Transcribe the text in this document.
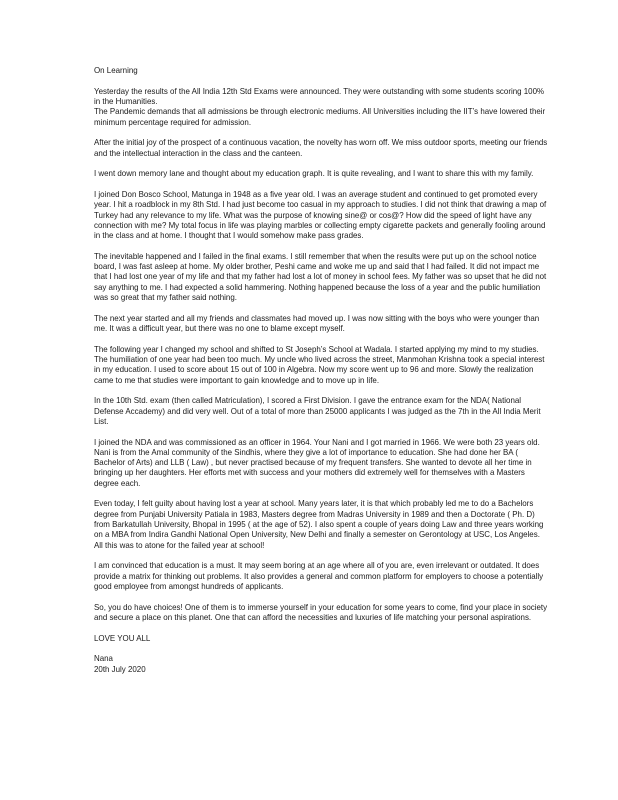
On Learning

Yesterday the results of the All India 12th Std Exams were announced. They were outstanding with some students scoring 100% in the Humanities.
The Pandemic demands that all admissions be through electronic mediums. All Universities including the IIT’s have lowered their minimum percentage required for admission.

After the initial joy of the prospect of a continuous vacation, the novelty has worn off. We miss outdoor sports, meeting our friends and the intellectual interaction in the class and the canteen.

I went down memory lane and thought about my education graph. It is quite revealing, and I want to share this with my family.

I joined Don Bosco School, Matunga in 1948 as a five year old. I was an average student and continued to get promoted every year. I hit a roadblock in my 8th Std. I had just become too casual in my approach to studies. I did not think that drawing a map of Turkey had any relevance to my life. What was the purpose of knowing sine@ or cos@? How did the speed of light have any connection with me? My total focus in life was playing marbles or collecting empty cigarette packets and generally fooling around in the class and at home. I thought that I would somehow make pass grades.

The inevitable happened and I failed in the final exams. I still remember that when the results were put up on the school notice board, I was fast asleep at home. My older brother, Peshi came and woke me up and said that I had failed. It did not impact me that I had lost one year of my life and that my father had lost a lot of money in school fees. My father was so upset that he did not say anything to me. I had expected a solid hammering. Nothing happened because the loss of a year and the public humiliation was so great that my father said nothing.

The next year started and all my friends and classmates had moved up. I was now sitting with the boys who were younger than me. It was a difficult year, but there was no one to blame except myself.

The following year I changed my school and shifted to St Joseph’s School at Wadala. I started applying my mind to my studies. The humiliation of one year had been too much. My uncle who lived across the street, Manmohan Krishna took a special interest in my education. I used to score about 15 out of 100 in Algebra. Now my score went up to 96 and more. Slowly the realization came to me that studies were important to gain knowledge and to move up in life.

In the 10th Std. exam (then called Matriculation), I scored a First Division. I gave the entrance exam for the NDA( National Defense Accademy) and did very well. Out of a total of more than 25000 applicants I was judged as the 7th in the All India Merit List.

I joined the NDA and was commissioned as an officer in 1964. Your Nani and I got married in 1966. We were both 23 years old. Nani is from the Amal community of the Sindhis, where they give a lot of importance to education. She had done her BA ( Bachelor of Arts) and LLB ( Law) , but never practised because of my frequent transfers. She wanted to devote all her time in bringing up her daughters. Her efforts met with success and your mothers did extremely well for themselves with a Masters degree each.

Even today, I felt guilty about having lost a year at school. Many years later, it is that which probably led me to do a Bachelors degree from Punjabi University Patiala in 1983, Masters degree from Madras University in 1989 and then a Doctorate ( Ph. D) from Barkatullah University, Bhopal in 1995 ( at the age of 52). I also spent a couple of years doing Law and three years working on a MBA from Indira Gandhi National Open University, New Delhi and finally a semester on Gerontology at USC, Los Angeles. All this was to atone for the failed year at school!

I am convinced that education is a must. It may seem boring at an age where all of you are, even irrelevant or outdated. It does provide a matrix for thinking out problems. It also provides a general and common platform for employers to choose a potentially good employee from amongst hundreds of applicants.

So, you do have choices! One of them is to immerse yourself in your education for some years to come, find your place in society and secure a place on this planet. One that can afford the necessities and luxuries of life matching your personal aspirations.

LOVE YOU ALL

Nana
20th July 2020
